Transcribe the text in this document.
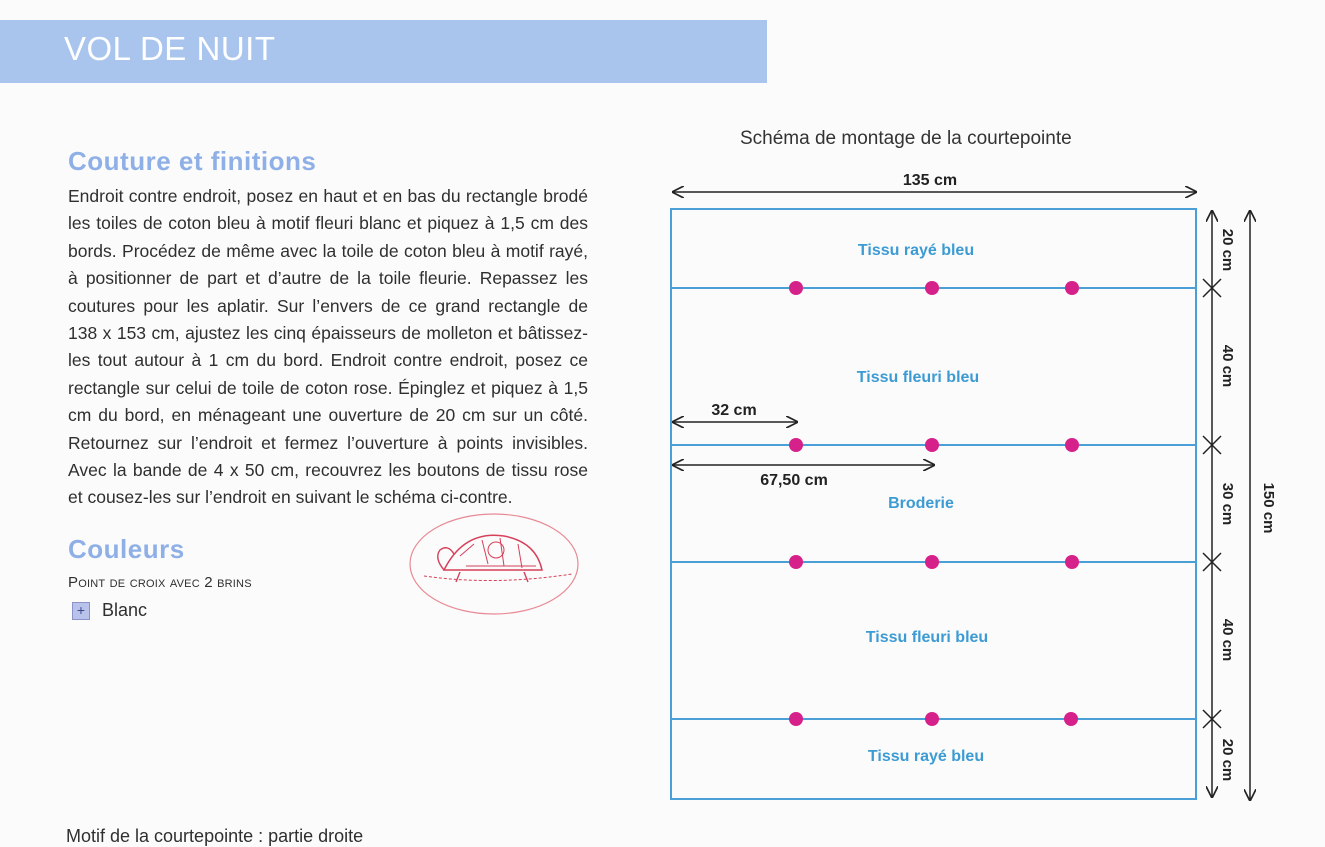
VOL DE NUIT
Couture et finitions
Endroit contre endroit, posez en haut et en bas du rectangle brodé les toiles de coton bleu à motif fleuri blanc et piquez à 1,5 cm des bords. Procédez de même avec la toile de coton bleu à motif rayé, à positionner de part et d’autre de la toile fleurie. Repassez les coutures pour les aplatir. Sur l’envers de ce grand rectangle de 138 x 153 cm, ajustez les cinq épaisseurs de molleton et bâtissez-les tout autour à 1 cm du bord. Endroit contre endroit, posez ce rectangle sur celui de toile de coton rose. Épinglez et piquez à 1,5 cm du bord, en ménageant une ouverture de 20 cm sur un côté. Retournez sur l’endroit et fermez l’ouverture à points invisibles. Avec la bande de 4 x 50 cm, recouvrez les boutons de tissu rose et cousez-les sur l’endroit en suivant le schéma ci-contre.
Couleurs
Point de croix avec 2 brins
+ Blanc
Motif de la courtepointe : partie droite
Schéma de montage de la courtepointe
Tissu rayé bleu
Tissu fleuri bleu
Broderie
Tissu fleuri bleu
Tissu rayé bleu
135 cm
32 cm
67,50 cm
20 cm
40 cm
30 cm
40 cm
20 cm
150 cm
